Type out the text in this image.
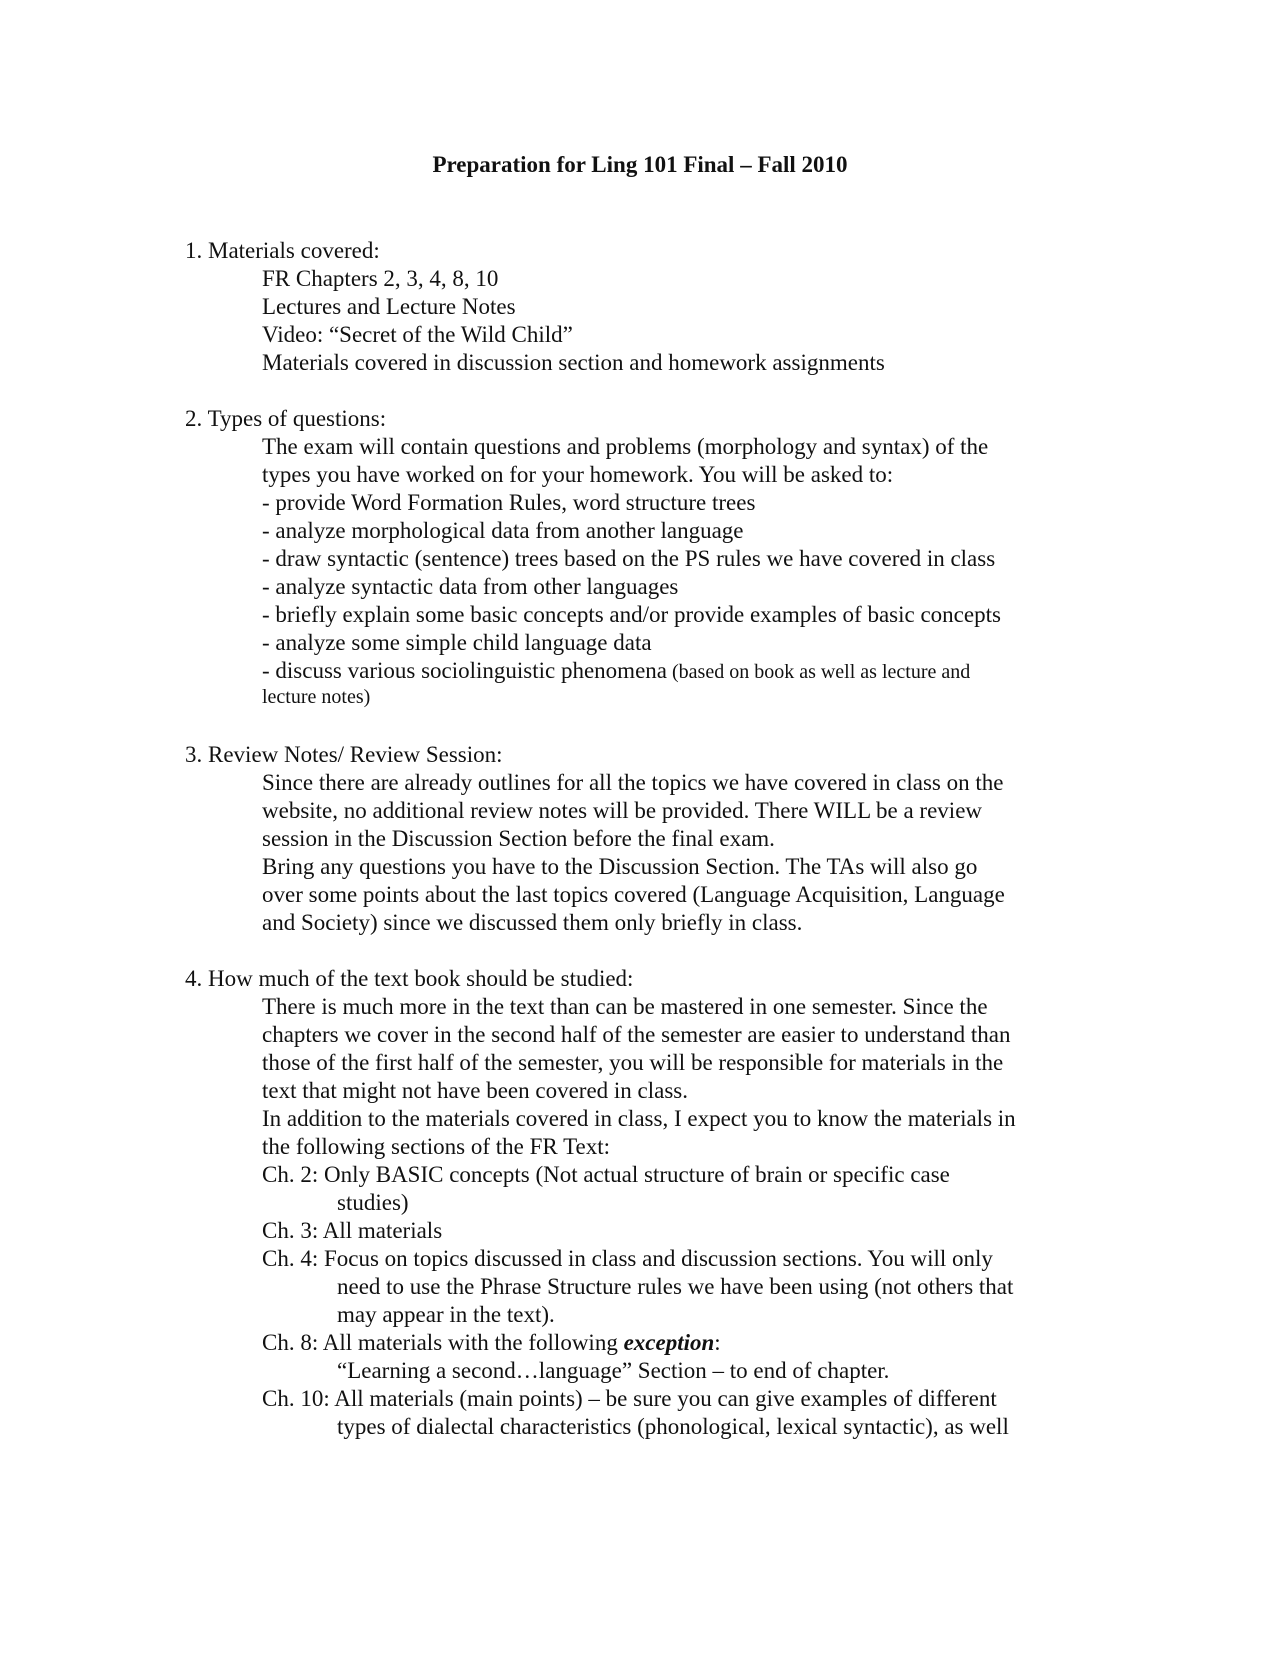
Preparation for Ling 101 Final – Fall 2010
1. Materials covered:
FR Chapters 2, 3, 4, 8, 10
Lectures and Lecture Notes
Video: “Secret of the Wild Child”
Materials covered in discussion section and homework assignments
2. Types of questions:
The exam will contain questions and problems (morphology and syntax) of the
types you have worked on for your homework. You will be asked to:
- provide Word Formation Rules, word structure trees
- analyze morphological data from another language
- draw syntactic (sentence) trees based on the PS rules we have covered in class
- analyze syntactic data from other languages
- briefly explain some basic concepts and/or provide examples of basic concepts
- analyze some simple child language data
- discuss various sociolinguistic phenomena (based on book as well as lecture and
lecture notes)
3. Review Notes/ Review Session:
Since there are already outlines for all the topics we have covered in class on the
website, no additional review notes will be provided. There WILL be a review
session in the Discussion Section before the final exam.
Bring any questions you have to the Discussion Section. The TAs will also go
over some points about the last topics covered (Language Acquisition, Language
and Society) since we discussed them only briefly in class.
4. How much of the text book should be studied:
There is much more in the text than can be mastered in one semester. Since the
chapters we cover in the second half of the semester are easier to understand than
those of the first half of the semester, you will be responsible for materials in the
text that might not have been covered in class.
In addition to the materials covered in class, I expect you to know the materials in
the following sections of the FR Text:
Ch. 2: Only BASIC concepts (Not actual structure of brain or specific case
studies)
Ch. 3: All materials
Ch. 4: Focus on topics discussed in class and discussion sections. You will only
need to use the Phrase Structure rules we have been using (not others that
may appear in the text).
Ch. 8: All materials with the following exception:
“Learning a second…language” Section – to end of chapter.
Ch. 10: All materials (main points) – be sure you can give examples of different
types of dialectal characteristics (phonological, lexical syntactic), as well
